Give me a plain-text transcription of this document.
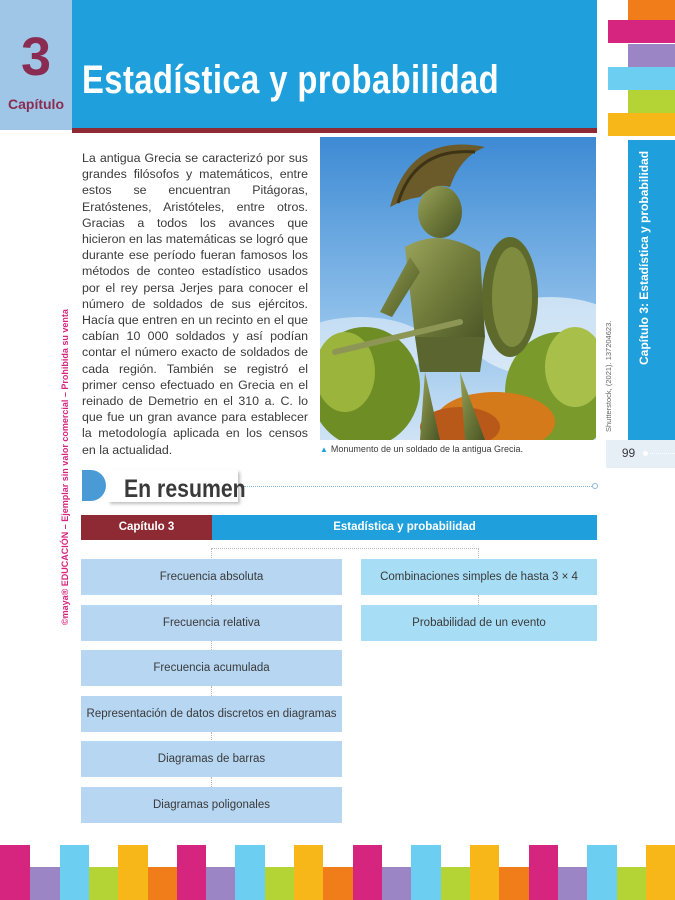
3
Capítulo
Estadística y probabilidad
Capítulo 3: Estadística y probabilidad
99
©maya® EDUCACIÓN – Ejemplar sin valor comercial – Prohibida su venta	Shutterstock, (2021). 137204623.
La antigua Grecia se caracterizó por sus grandes filósofos y matemáticos, entre estos se encuentran Pitágoras, Eratóstenes, Aristóteles, entre otros. Gracias a todos los avances que hicieron en las matemáticas se logró que durante ese período fueran famosos los métodos de conteo estadístico usados por el rey persa Jerjes para conocer el número de soldados de sus ejércitos. Hacía que entren en un recinto en el que cabían 10 000 soldados y así podían contar el número exacto de soldados de cada región. También se registró el primer censo efectuado en Grecia en el reinado de Demetrio en el 310 a. C. lo que fue un gran avance para establecer la metodología aplicada en los censos en la actualidad.	▲ Monumento de un soldado de la antigua Grecia.
En resumen
Capítulo 3	Estadística y probabilidad
Frecuencia absoluta
Frecuencia relativa
Frecuencia acumulada
Representación de datos discretos en diagramas
Diagramas de barras
Diagramas poligonales
Combinaciones simples de hasta 3 × 4
Probabilidad de un evento
